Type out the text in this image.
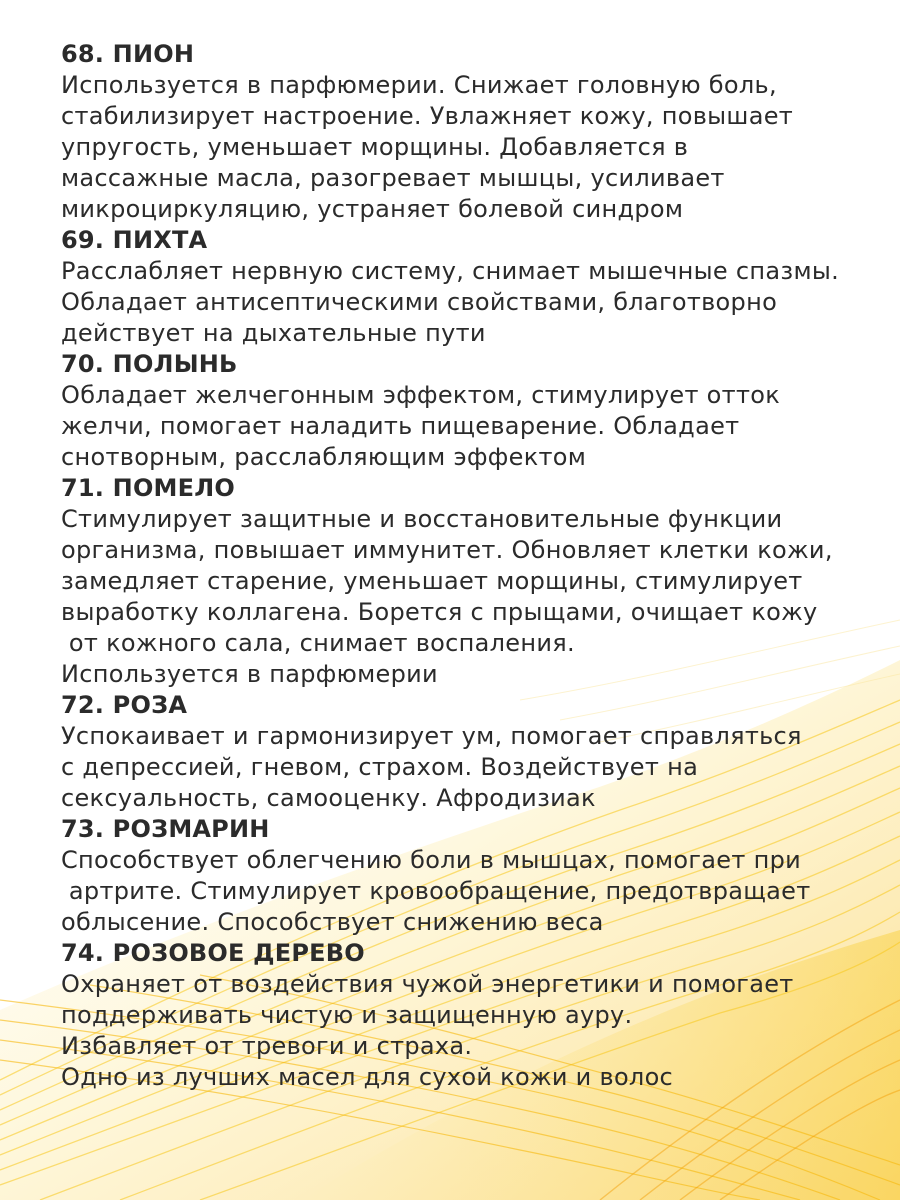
68. ПИОН
Используется в парфюмерии. Снижает головную боль,
стабилизирует настроение. Увлажняет кожу, повышает
упругость, уменьшает морщины. Добавляется в
массажные масла, разогревает мышцы, усиливает
микроциркуляцию, устраняет болевой синдром
69. ПИХТА
Расслабляет нервную систему, снимает мышечные спазмы.
Обладает антисептическими свойствами, благотворно
действует на дыхательные пути
70. ПОЛЫНЬ
Обладает желчегонным эффектом, стимулирует отток
желчи, помогает наладить пищеварение. Обладает
снотворным, расслабляющим эффектом
71. ПОМЕЛО
Стимулирует защитные и восстановительные функции
организма, повышает иммунитет. Обновляет клетки кожи,
замедляет старение, уменьшает морщины, стимулирует
выработку коллагена. Борется с прыщами, очищает кожу
от кожного сала, снимает воспаления.
Используется в парфюмерии
72. РОЗА
Успокаивает и гармонизирует ум, помогает справляться
с депрессией, гневом, страхом. Воздействует на
сексуальность, самооценку. Афродизиак
73. РОЗМАРИН
Способствует облегчению боли в мышцах, помогает при
артрите. Стимулирует кровообращение, предотвращает
облысение. Способствует снижению веса
74. РОЗОВОЕ ДЕРЕВО
Охраняет от воздействия чужой энергетики и помогает
поддерживать чистую и защищенную ауру.
Избавляет от тревоги и страха.
Одно из лучших масел для сухой кожи и волос
